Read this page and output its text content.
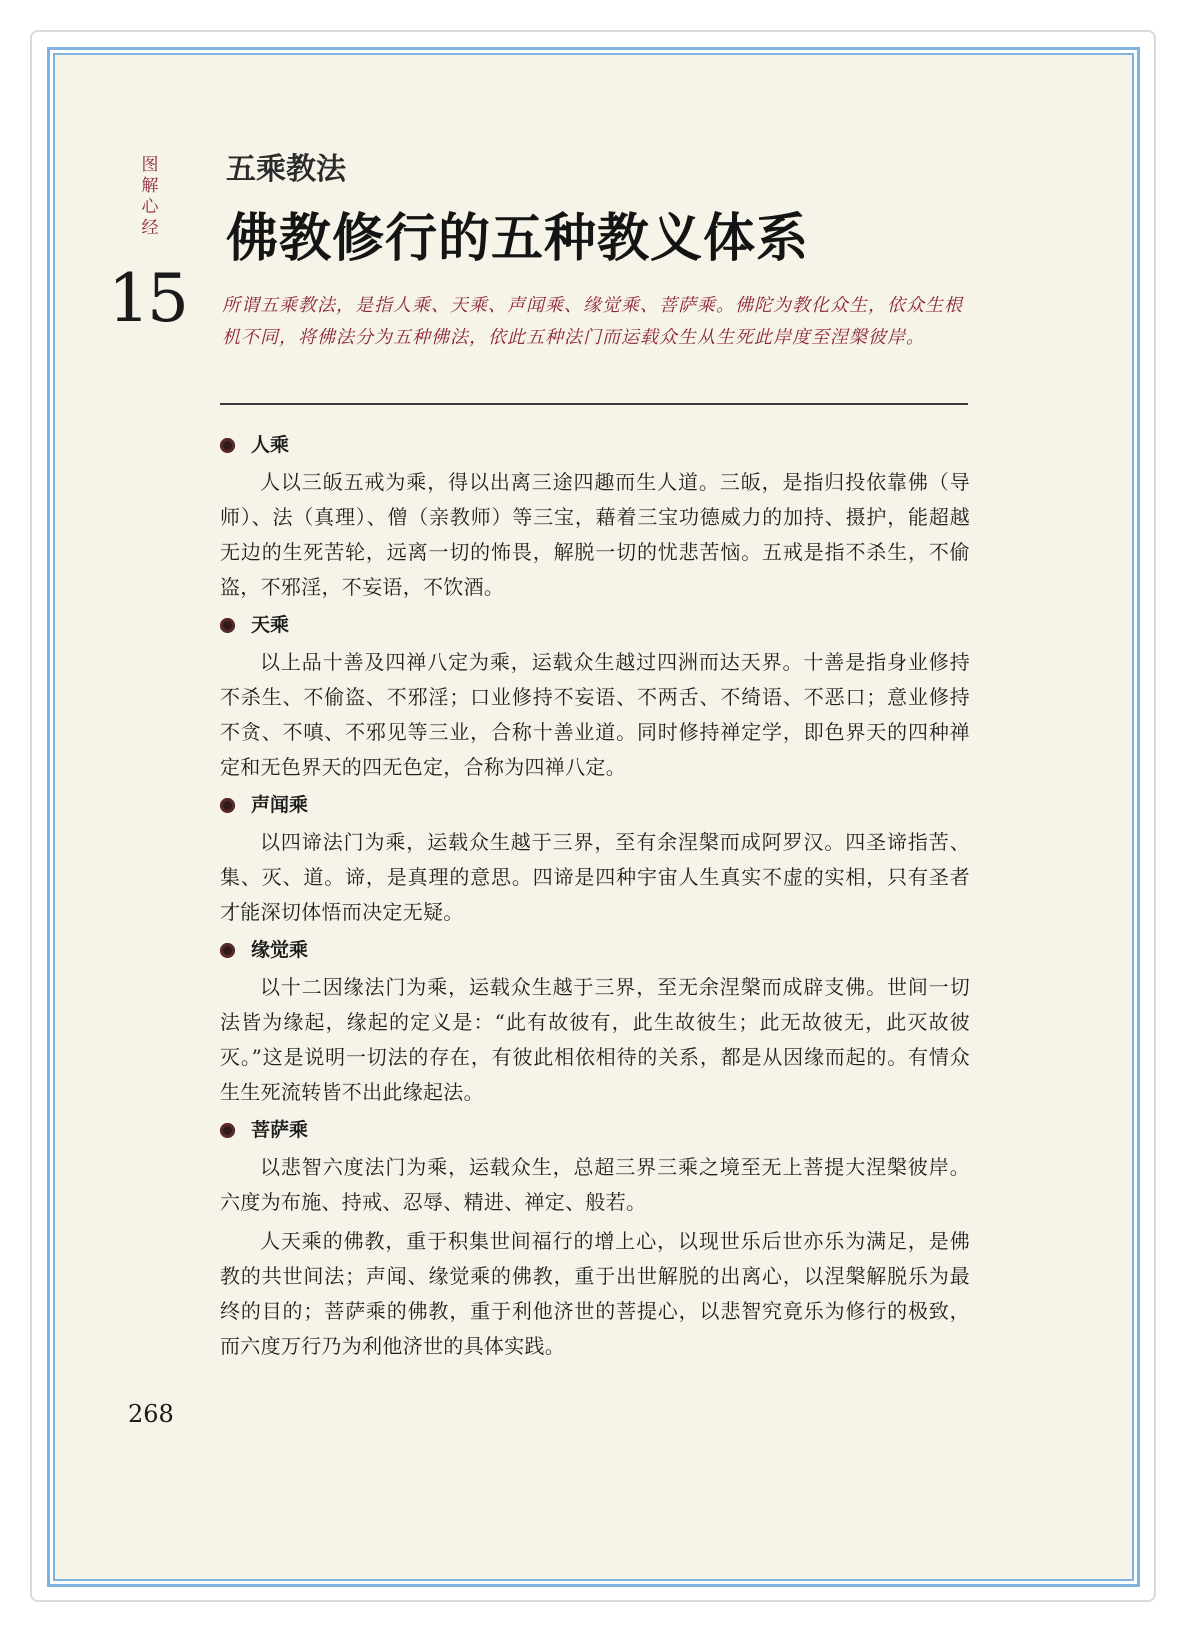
图解心经
15
五乘教法
佛教修行的五种教义体系
所谓五乘教法，是指人乘、天乘、声闻乘、缘觉乘、菩萨乘。佛陀为教化众生，依众生根机不同，将佛法分为五种佛法，依此五种法门而运载众生从生死此岸度至涅槃彼岸。
人乘

人以三皈五戒为乘，得以出离三途四趣而生人道。三皈，是指归投依靠佛（导师）、法（真理）、僧（亲教师）等三宝，藉着三宝功德威力的加持、摄护，能超越无边的生死苦轮，远离一切的怖畏，解脱一切的忧悲苦恼。五戒是指不杀生，不偷盗，不邪淫，不妄语，不饮酒。

天乘

以上品十善及四禅八定为乘，运载众生越过四洲而达天界。十善是指身业修持不杀生、不偷盗、不邪淫；口业修持不妄语、不两舌、不绮语、不恶口；意业修持不贪、不嗔、不邪见等三业，合称十善业道。同时修持禅定学，即色界天的四种禅定和无色界天的四无色定，合称为四禅八定。

声闻乘

以四谛法门为乘，运载众生越于三界，至有余涅槃而成阿罗汉。四圣谛指苦、集、灭、道。谛，是真理的意思。四谛是四种宇宙人生真实不虚的实相，只有圣者才能深切体悟而决定无疑。

缘觉乘

以十二因缘法门为乘，运载众生越于三界，至无余涅槃而成辟支佛。世间一切法皆为缘起，缘起的定义是：“此有故彼有，此生故彼生；此无故彼无，此灭故彼灭。”这是说明一切法的存在，有彼此相依相待的关系，都是从因缘而起的。有情众生生死流转皆不出此缘起法。

菩萨乘

以悲智六度法门为乘，运载众生，总超三界三乘之境至无上菩提大涅槃彼岸。六度为布施、持戒、忍辱、精进、禅定、般若。

人天乘的佛教，重于积集世间福行的增上心，以现世乐后世亦乐为满足，是佛教的共世间法；声闻、缘觉乘的佛教，重于出世解脱的出离心，以涅槃解脱乐为最终的目的；菩萨乘的佛教，重于利他济世的菩提心，以悲智究竟乐为修行的极致，而六度万行乃为利他济世的具体实践。

268
